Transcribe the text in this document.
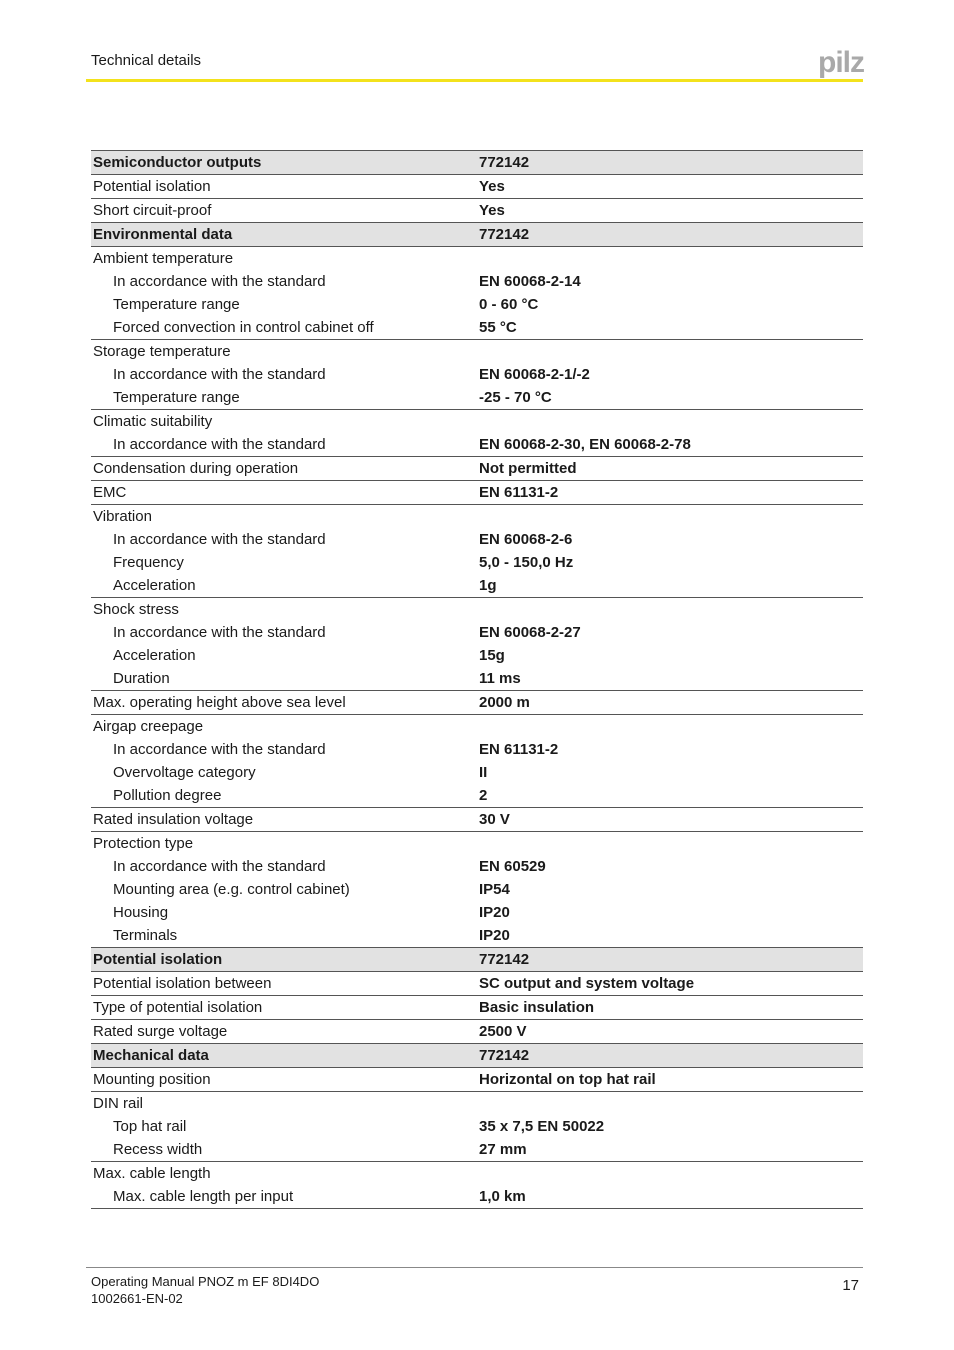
Technical details	pilz
Semiconductor outputs	772142
Potential isolation	Yes
Short circuit-proof	Yes
Environmental data	772142
Ambient temperature	
In accordance with the standard	EN 60068-2-14
Temperature range	0 - 60 °C
Forced convection in control cabinet off	55 °C
Storage temperature	
In accordance with the standard	EN 60068-2-1/-2
Temperature range	-25 - 70 °C
Climatic suitability	
In accordance with the standard	EN 60068-2-30, EN 60068-2-78
Condensation during operation	Not permitted
EMC	EN 61131-2
Vibration	
In accordance with the standard	EN 60068-2-6
Frequency	5,0 - 150,0 Hz
Acceleration	1g
Shock stress	
In accordance with the standard	EN 60068-2-27
Acceleration	15g
Duration	11 ms
Max. operating height above sea level	2000 m
Airgap creepage	
In accordance with the standard	EN 61131-2
Overvoltage category	II
Pollution degree	2
Rated insulation voltage	30 V
Protection type	
In accordance with the standard	EN 60529
Mounting area (e.g. control cabinet)	IP54
Housing	IP20
Terminals	IP20
Potential isolation	772142
Potential isolation between	SC output and system voltage
Type of potential isolation	Basic insulation
Rated surge voltage	2500 V
Mechanical data	772142
Mounting position	Horizontal on top hat rail
DIN rail	
Top hat rail	35 x 7,5 EN 50022
Recess width	27 mm
Max. cable length	
Max. cable length per input	1,0 km
Operating Manual PNOZ m EF 8DI4DO
1002661-EN-02
17
